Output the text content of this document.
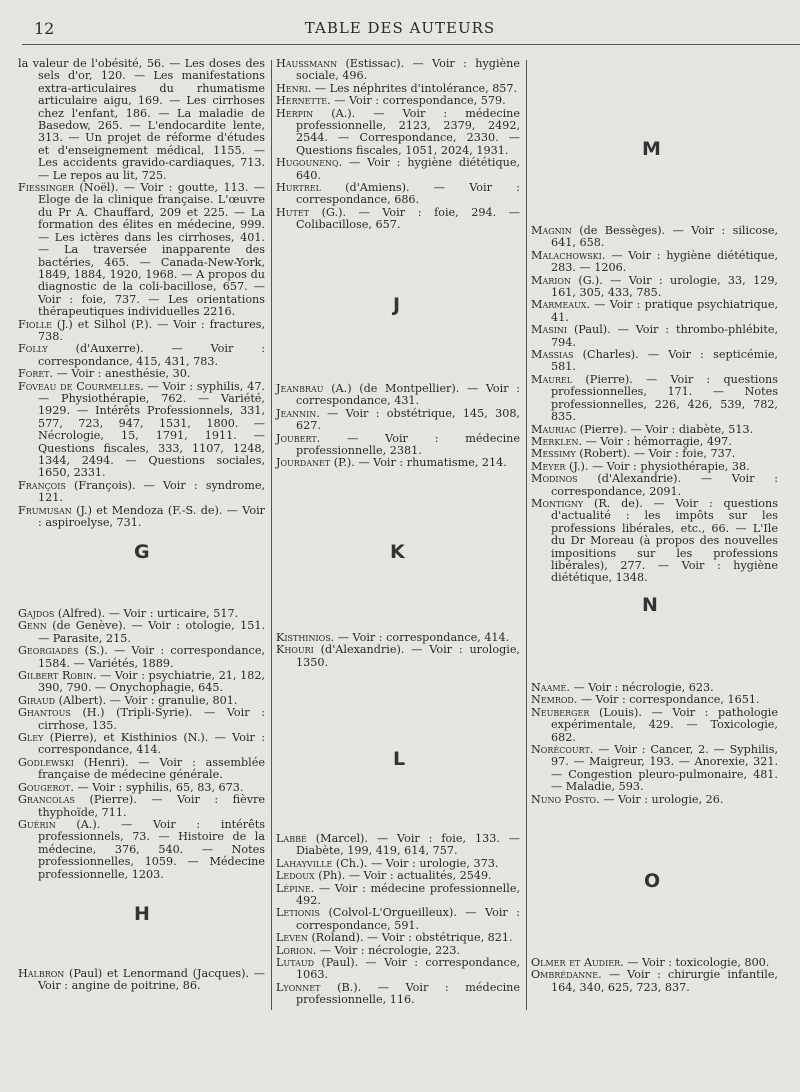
12	TABLE DES AUTEURS

la valeur de l'obésité, 56. — Les doses des sels d'or, 120. — Les manifestations extra-articulaires du rhumatisme articulaire aigu, 169. — Les cirrhoses chez l'enfant, 186. — La maladie de Basedow, 265. — L'endocardite lente, 313. — Un projet de réforme d'études et d'enseignement médical, 1155. — Les accidents gravido-cardiaques, 713. — Le repos au lit, 725.

Fiessinger (Noël). — Voir : goutte, 113. — Eloge de la clinique française. L'œuvre du Pr A. Chauffard, 209 et 225. — La formation des élites en médecine, 999. — Les ictères dans les cirrhoses, 401. — La traversée inapparente des bactéries, 465. — Canada-New-York, 1849, 1884, 1920, 1968. — A propos du diagnostic de la coli-bacillose, 657. — Voir : foie, 737. — Les orientations thérapeutiques individuelles 2216.

Fiolle (J.) et Silhol (P.). — Voir : fractures, 738.

Folly (d'Auxerre). — Voir : correspondance, 415, 431, 783.

Foret. — Voir : anesthésie, 30.

Foveau de Courmelles. — Voir : syphilis, 47. — Physiothérapie, 762. — Variété, 1929. — Intérêts Professionnels, 331, 577, 723, 947, 1531, 1800. — Nécrologie, 15, 1791, 1911. — Questions fiscales, 333, 1107, 1248, 1344, 2494. — Questions sociales, 1650, 2331.

François (François). — Voir : syndrome, 121.

Frumusan (J.) et Mendoza (F.-S. de). — Voir : aspiroelyse, 731.

G

Gajdos (Alfred). — Voir : urticaire, 517.

Genn (de Genève). — Voir : otologie, 151. — Parasite, 215.

Georgiadès (S.). — Voir : correspondance, 1584. — Variétés, 1889.

Gilbert Robin. — Voir : psychiatrie, 21, 182, 390, 790. — Onychophagie, 645.

Giraud (Albert). — Voir : granulie, 801.

Ghantous (H.) (Tripli-Syrie). — Voir : cirrhose, 135.

Gley (Pierre), et Kisthinios (N.). — Voir : correspondance, 414.

Godlewski (Henri). — Voir : assemblée française de médecine générale.

Gougerot. — Voir : syphilis, 65, 83, 673.

Grancolas (Pierre). — Voir : fièvre thyphoïde, 711.

Guérin (A.). — Voir : intérêts professionnels, 73. — Histoire de la médecine, 376, 540. — Notes professionnelles, 1059. — Médecine professionnelle, 1203.

H

Halbron (Paul) et Lenormand (Jacques). — Voir : angine de poitrine, 86.

Haussmann (Estissac). — Voir : hygiène sociale, 496.

Henri. — Les néphrites d'intolérance, 857.

Hernette. — Voir : correspondance, 579.

Herpin (A.). — Voir : médecine professionnelle, 2123, 2379, 2492, 2544. — Correspondance, 2330. — Questions fiscales, 1051, 2024, 1931.

Hugounenq. — Voir : hygiène diététique, 640.

Hurtrel (d'Amiens). — Voir : correspondance, 686.

Hutet (G.). — Voir : foie, 294. — Colibacillose, 657.

J

Jeanbrau (A.) (de Montpellier). — Voir : correspondance, 431.

Jeannin. — Voir : obstétrique, 145, 308, 627.

Joubert. — Voir : médecine professionnelle, 2381.

Jourdanet (P.). — Voir : rhumatisme, 214.

K

Kisthinios. — Voir : correspondance, 414.

Khouri (d'Alexandrie). — Voir : urologie, 1350.

L

Labbé (Marcel). — Voir : foie, 133. — Diabète, 199, 419, 614, 757.

Lahayville (Ch.). — Voir : urologie, 373.

Ledoux (Ph). — Voir : actualités, 2549.

Lépine. — Voir : médecine professionnelle, 492.

Letionis (Colvol-L'Orgueilleux). — Voir : correspondance, 591.

Leven (Roland). — Voir : obstétrique, 821.

Lorion. — Voir : nécrologie, 223.

Lutaud (Paul). — Voir : correspondance, 1063.

Lyonnet (B.). — Voir : médecine professionnelle, 116.

M

Magnin (de Bessèges). — Voir : silicose, 641, 658.

Malachowski. — Voir : hygiène diététique, 283. — 1206.

Marion (G.). — Voir : urologie, 33, 129, 161, 305, 433, 785.

Marmeaux. — Voir : pratique psychiatrique, 41.

Masini (Paul). — Voir : thrombo-phlébite, 794.

Massias (Charles). — Voir : septicémie, 581.

Maurel (Pierre). — Voir : questions professionnelles, 171. — Notes professionnelles, 226, 426, 539, 782, 835.

Mauriac (Pierre). — Voir : diabète, 513.

Merklen. — Voir : hémorragie, 497.

Messimy (Robert). — Voir : foie, 737.

Meyer (J.). — Voir : physiothérapie, 38.

Modinos (d'Alexandrie). — Voir : correspondance, 2091.

Montigny (R. de). — Voir : questions d'actualité : les impôts sur les professions libérales, etc., 66. — L'Ile du Dr Moreau (à propos des nouvelles impositions sur les professions libérales), 277. — Voir : hygiène diététique, 1348.

N

Naamé. — Voir : nécrologie, 623.

Nemrod. — Voir : correspondance, 1651.

Neuberger (Louis). — Voir : pathologie expérimentale, 429. — Toxicologie, 682.

Norécourt. — Voir : Cancer, 2. — Syphilis, 97. — Maigreur, 193. — Anorexie, 321. — Congestion pleuro-pulmonaire, 481. — Maladie, 593.

Nuno Posto. — Voir : urologie, 26.

O

Olmer et Audier. — Voir : toxicologie, 800.

Ombrédanne. — Voir : chirurgie infantile, 164, 340, 625, 723, 837.
